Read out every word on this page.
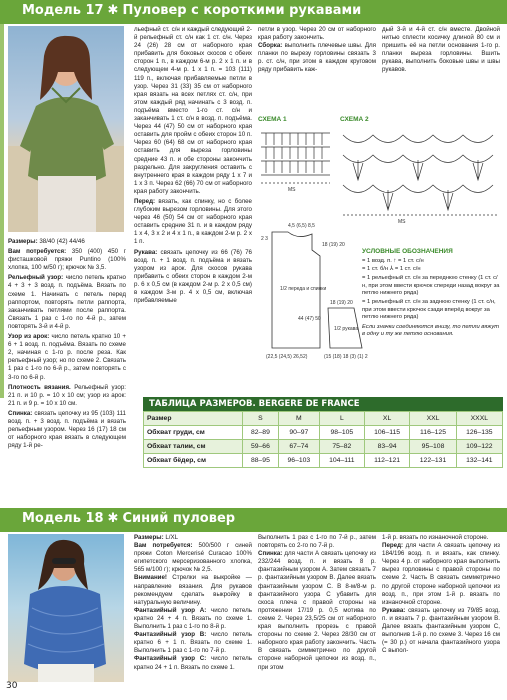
Модель 17 ✱ Пуловер с короткими рукавами
Размеры: 38/40 (42) 44/46
Вам потребуется: 350 (400) 450 г фисташковой пряжи Puntino (100% хлопка, 100 м/50 г); крючок № 3,5.
Рельефный узор: число петель кратно 4 + 3 + 3 возд. п. подъёма. Вязать по схеме 1. Начинать с петель перед раппортом, повторять петли раппорта, заканчивать петлями после раппорта. Связать 1 раз с 1-го по 4-й р., затем повторять 3-й и 4-й р.
Узор из арок: число петель кратно 10 + 6 + 1 возд. п. подъёма. Вязать по схеме 2, начиная с 1-го р. после реза. Как рельефный узор; но по схеме 2. Связать 1 раз с 1-го по 6-й р., затем повторять с 3-го по 6-й р.
Плотность вязания. Рельефный узор: 21 п. и 10 р. = 10 х 10 см; узор из арок: 21 п. и 9 р. = 10 х 10 см.
Спинка: связать цепочку из 95 (103) 111 возд. п. + 3 возд. п. подъёма и вязать рельефным узором. Через 16 (17) 18 см от наборного края вязать в следующем ряду 1-й ре-
льефный ст. с/н и каждый следующий 2-й рельефный ст. с/н как 1 ст. с/н. Через 24 (26) 28 см от наборного края прибавить для боковых скосов с обеих сторон 1 п., в каждом 6-м р. 2 х 1 п. и в следующем 4-м р. 1 х 1 п. = 103 (111) 119 п., включая прибавляемые петли в узор. Через 31 (33) 35 см от наборного края вязать на всех петлях ст. с/н, при этом каждый ряд начинать с 3 возд. п. подъёма вместо 1-го ст. с/н и заканчивать 1 ст. с/н в возд. п. подъёма. Через 44 (47) 50 см от наборного края оставить для пройм с обеих сторон 10 п. Через 60 (64) 68 см от наборного края оставить для выреза горловины средние 43 п. и обе стороны закончить раздельно. Для закругления оставить с внутреннего края в каждом ряду 1 х 7 и 1 х 3 п. Через 62 (66) 70 см от наборного края работу закончить.
Перед: вязать, как спинку, но с более глубоким вырезом горловины. Для этого через 46 (50) 54 см от наборного края оставить средние 31 п. и в каждом ряду 1 х 4, 3 х 2 и 4 х 1 п., в каждом 2-м р. 2 х 1 п.
Рукава: связать цепочку из 66 (76) 76 возд. п. + 1 возд. п. подъёма и вязать узором из арок. Для скосов рукава прибавить с обеих сторон в каждом 2-м р. 6 х 0,5 см (в каждом 2-м р. 2 х 0,5 см) в каждом 3-м р. 4 х 0,5 см, включая прибавляемые
петли в узор. Через 20 см от наборного края работу закончить.
Сборка: выполнить плечевые швы. Для планки по вырезу горловины связать 3 р. ст. с/н, при этом в каждом круговом ряду прибавить каж-
дый 3-й и 4-й ст. с/н вместе. Двойной нитью сплести косичку длиной 80 см и пришить её на петли основания 1-го р. планки выреза горловины. Вшить рукава, выполнить боковые швы и швы рукавов.
СХЕМА 1	СХЕМА 2
MS
MS
4,5 (6,5) 8,5
2 3
18 (19) 20
1/2 переда и спинки
44 (47) 50
18 (19) 20
1/2 рукава
(22,5 (24,5) 26,52)	(15 (18) 18 (3) (1) 2
УСЛОВНЫЕ ОБОЗНАЧЕНИЯ
= 1 возд. п. ↑ = 1 ст. с/н
= 1 ст. б/н ⅄ = 1 ст. с/н
= 1 рельефный ст. с/н за переднюю стенку (1 ст. с/н, при этом ввести крючок спереди назад вокруг за петлю нижнего ряда)
= 1 рельефный ст. с/н за заднюю стенку (1 ст. с/н, при этом ввести крючок сзади вперёд вокруг за петлю нижнего ряда)
Если значки соединяются внизу, то петли вяжут в одну и ту же петлю основания.
ТАБЛИЦА РАЗМЕРОВ. BERGERE DE FRANCE
Размер	S	M	L	XL	XXL	XXXL
Обхват груди, см	82–89	90–97	98–105	106–115	116–125	126–135
Обхват талии, см	59–66	67–74	75–82	83–94	95–108	109–122
Обхват бёдер, см	88–95	96–103	104–111	112–121	122–131	132–141
Модель 18 ✱ Синий пуловер
Размеры: L/XL
Вам потребуется: 500/500 г синей пряжи Coton Mercerisé Curacao 100% египетского мерсеризованного хлопка, 565 м/100 г); крючок № 2,5.
Внимание! Стрелки на выкройке — направление вязания. Для рукавов рекомендуем сделать выкройку в натуральную величину.
Фантазийный узор А: число петель кратно 24 + 4 п. Вязать по схеме 1. Выполнить 1 раз с 1-го по 8-й р.
Фантазийный узор В: число петель кратно 6 + 1 п. Вязать по схеме 1. Выполнить 1 раз с 1-го по 7-й р.
Фантазийный узор С: число петель кратно 24 + 1 п. Вязать по схеме 1.
Выполнить 1 раз с 1-го по 7-й р., затем повторять со 2-го по 7-й р.
Спинка: для части А связать цепочку из 232/244 возд. п. и вязать 8 р. фантазийным узором А. Затем связать 7 р. фантазийным узором В. Далее вязать фантазийным узором С. В 8-м/8-м р. фантазийного узора С убавить для скоса плеча с правой стороны на протяжении 17/19 р. 0,5 мотива по схеме 2. Через 23,5/25 см от наборного края выполнить прорезь с правой стороны по схеме 2. Через 28/30 см от наборного края работу закончить. Часть В связать симметрично по другой стороне наборной цепочки из возд. п., при этом
1-й р. вязать по изнаночной стороне.
Перед: для части А связать цепочку из 184/196 возд. п. и вязать, как спинку. Через 4 р. от наборного края выполнить вырез горловины с правой стороны по схеме 2. Часть В связать симметрично по другой стороне наборной цепочки из возд. п., при этом 1-й р. вязать по изнаночной стороне.
Рукава: связать цепочку из 79/85 возд. п. и вязать 7 р. фантазийным узором В. Далее вязать фантазийным узором С, выполнив 1-й р. по схеме 3. Через 16 см (= 30 р.) от начала фантазийного узора С выпол-
30
